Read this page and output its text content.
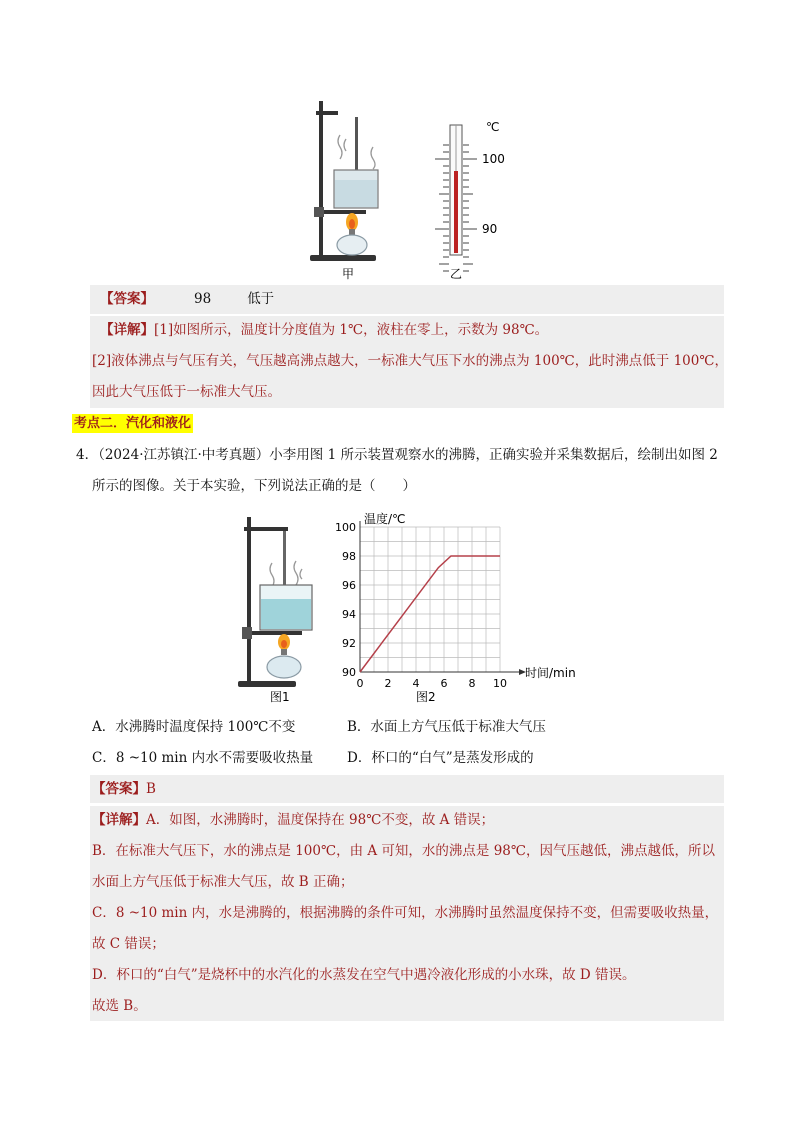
甲
℃
100
90
乙
【答案】	98	低于
【详解】[1]如图所示，温度计分度值为 1℃，液柱在零上，示数为 98℃。
[2]液体沸点与气压有关，气压越高沸点越大，一标准大气压下水的沸点为 100℃，此时沸点低于 100℃，
因此大气压低于一标准大气压。
考点二．汽化和液化
4．（2024·江苏镇江·中考真题）小李用图 1 所示装置观察水的沸腾，正确实验并采集数据后，绘制出如图 2
所示的图像。关于本实验，下列说法正确的是（　　）
图1
0 2 4 6 8 10
90
92
94
96
98
100
温度/℃
时间/min
图2
A．水沸腾时温度保持 100℃不变	B．水面上方气压低于标准大气压
C．8 ~10 min 内水不需要吸收热量	D．杯口的“白气”是蒸发形成的
【答案】B
【详解】A．如图，水沸腾时，温度保持在 98℃不变，故 A 错误；
B．在标准大气压下，水的沸点是 100℃，由 A 可知，水的沸点是 98℃，因气压越低，沸点越低，所以
水面上方气压低于标准大气压，故 B 正确；
C．8 ~10 min 内，水是沸腾的，根据沸腾的条件可知，水沸腾时虽然温度保持不变，但需要吸收热量，
故 C 错误；
D．杯口的“白气”是烧杯中的水汽化的水蒸发在空气中遇冷液化形成的小水珠，故 D 错误。
故选 B。
